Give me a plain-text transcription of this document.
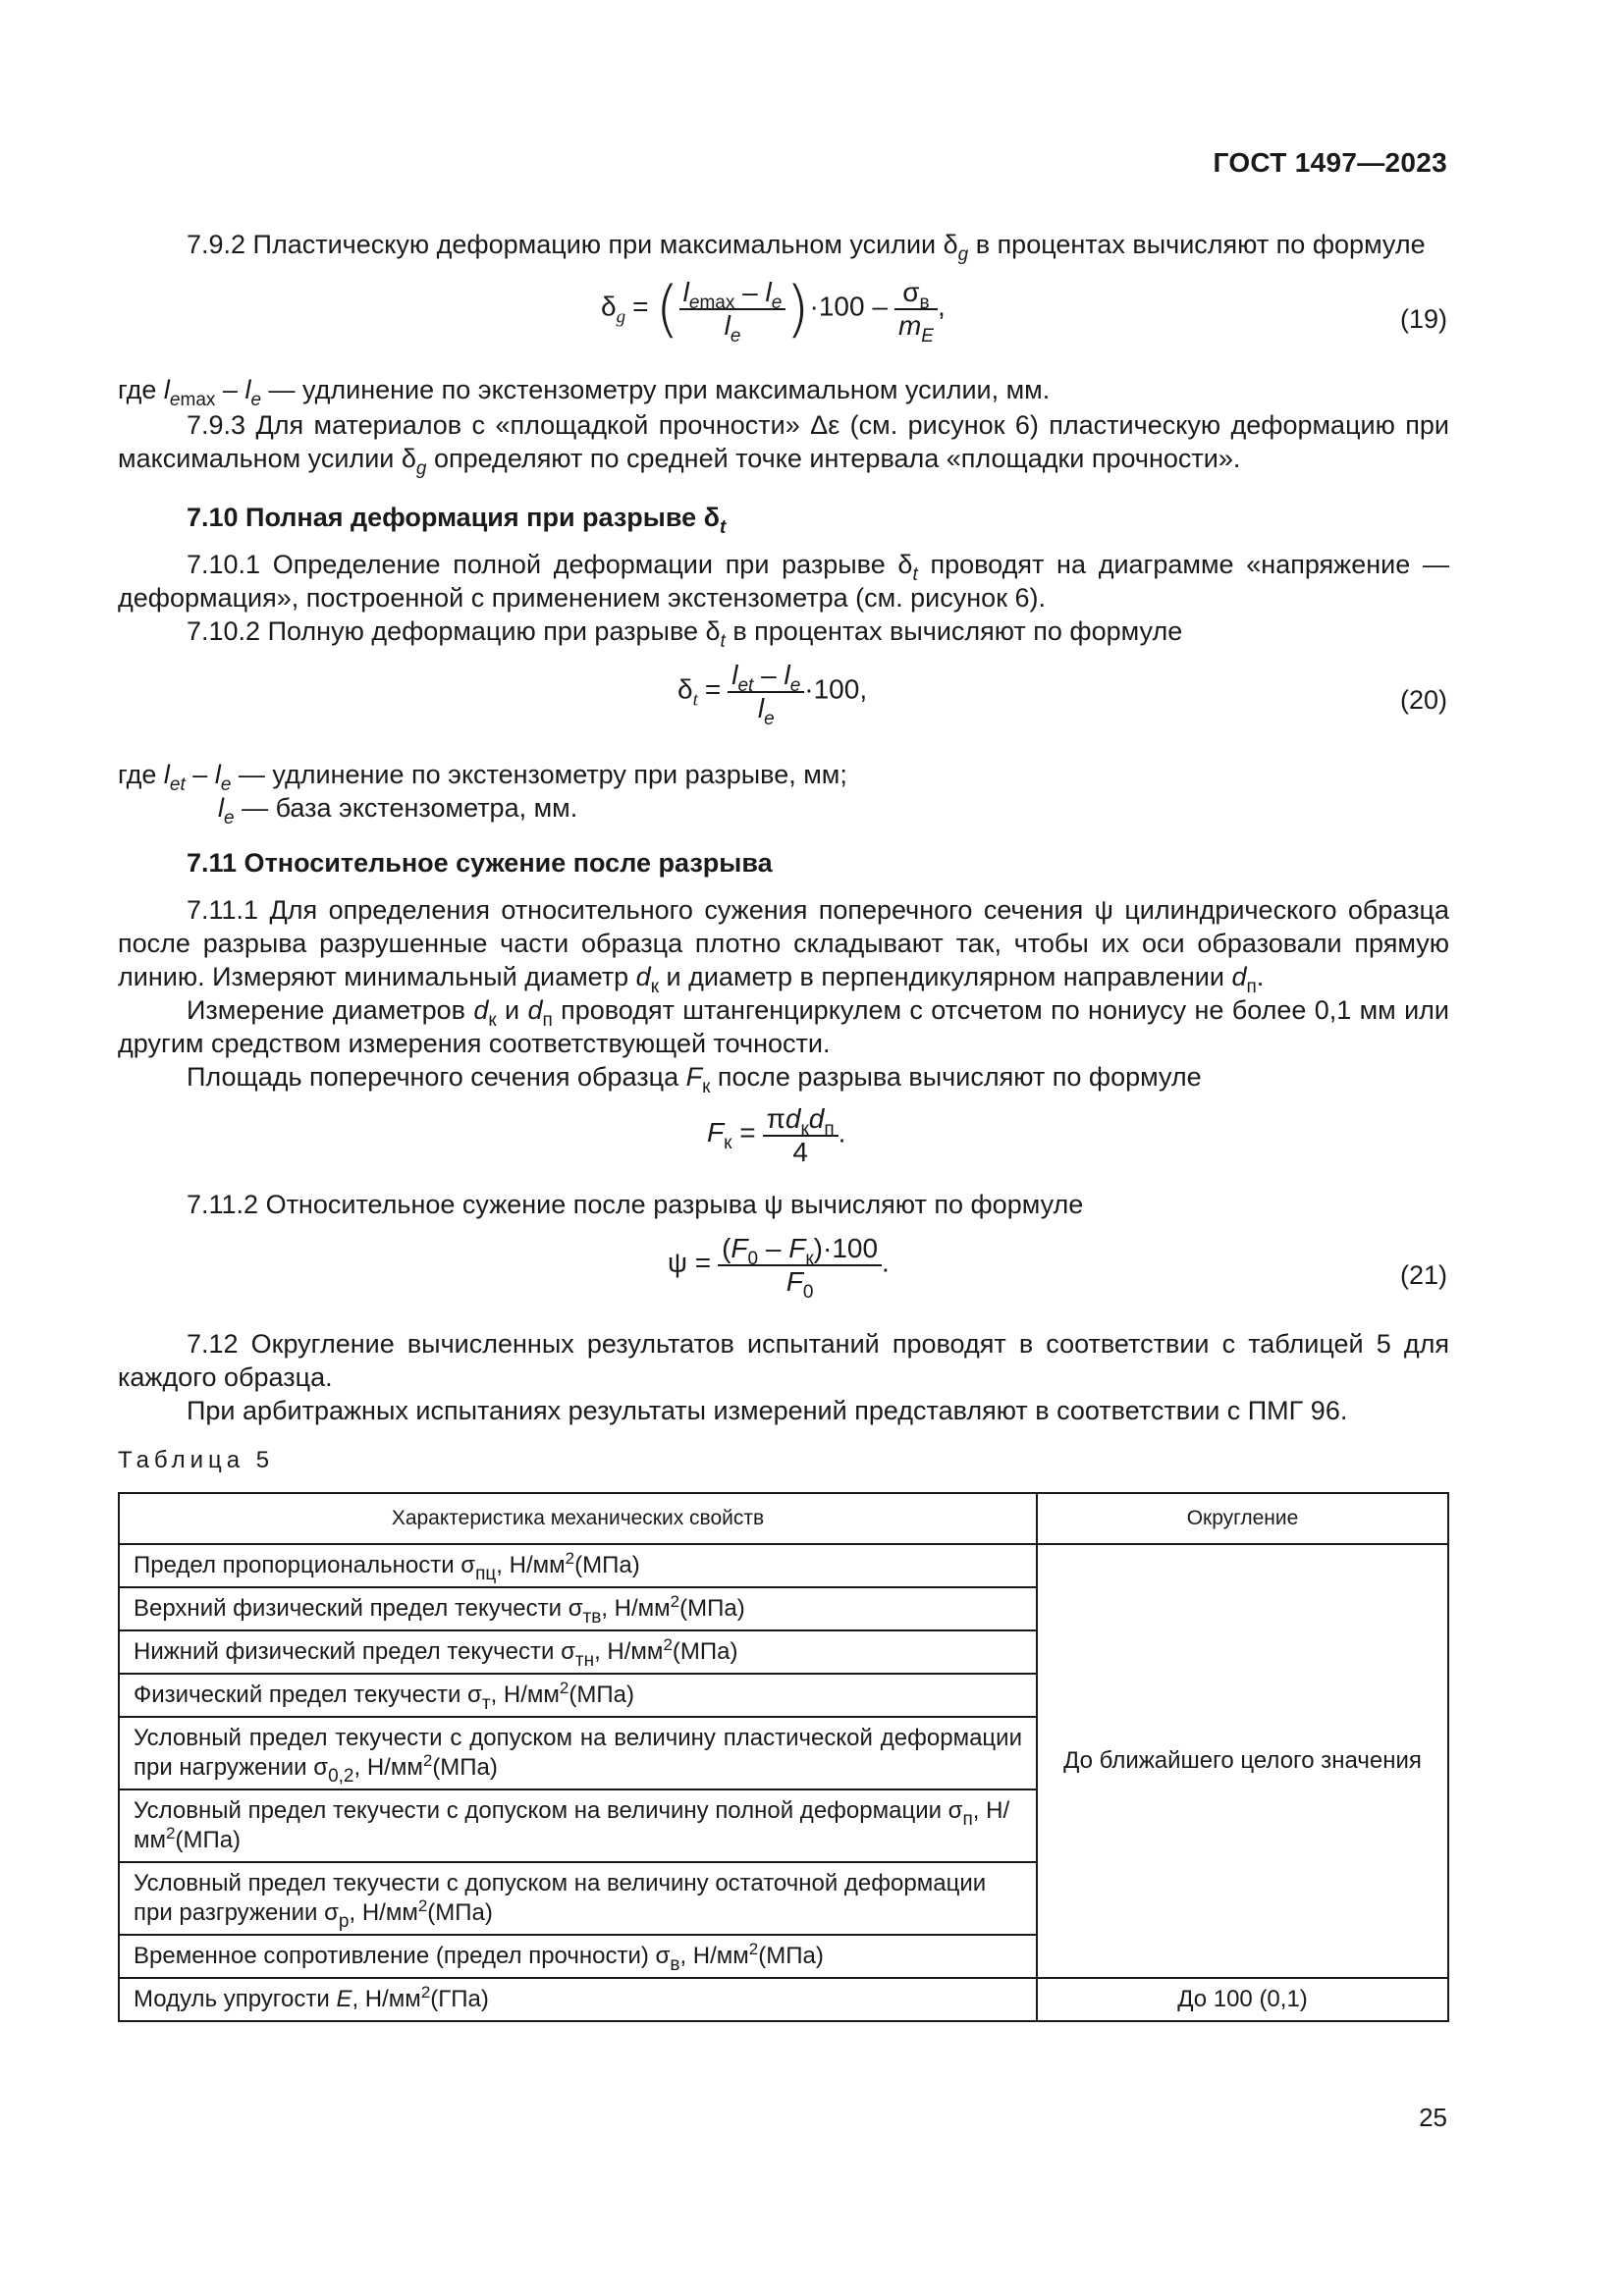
ГОСТ 1497—2023
7.9.2 Пластическую деформацию при максимальном усилии $\delta_g$ в процентах вычисляют по формуле
$\delta_g$ = ( $\frac{l_{emax} - l_e}{l_e} )\cdot 100 - \frac{\sigma_в}{m_E}$ ,	(19)
где $l_{emax} - l_e$ — удлинение по экстензометру при максимальном усилии, мм.
7.9.3 Для материалов с «площадкой прочности» Δε (см. рисунок 6) пластическую деформацию при максимальном усилии $\delta_g$ определяют по средней точке интервала «площадки прочности».
7.10 Полная деформация при разрыве $\delta_t$
7.10.1 Определение полной деформации при разрыве $\delta_t$ проводят на диаграмме «напряжение — деформация», построенной с применением экстензометра (см. рисунок 6).
7.10.2 Полную деформацию при разрыве $\delta_t$ в процентах вычисляют по формуле
$\delta_t = \frac{l_{et} - l_e}{l_e} \cdot 100$,	(20)
где $l_{et} - l_e$ — удлинение по экстензометру при разрыве, мм;
$l_e$ — база экстензометра, мм.
7.11 Относительное сужение после разрыва
7.11.1 Для определения относительного сужения поперечного сечения ψ цилиндрического образца после разрыва разрушенные части образца плотно складывают так, чтобы их оси образовали прямую линию. Измеряют минимальный диаметр $d_к$ и диаметр в перпендикулярном направлении $d_п$.
Измерение диаметров $d_к$ и $d_п$ проводят штангенциркулем с отсчетом по нониусу не более 0,1 мм или другим средством измерения соответствующей точности.
Площадь поперечного сечения образца $F_к$ после разрыва вычисляют по формуле
$F_к = \frac{\pi d_кd_п}{4}$ .
7.11.2 Относительное сужение после разрыва ψ вычисляют по формуле
$\psi = \frac{(F_0 - F_к)\cdot 100}{F_0}$ .	(21)
7.12 Округление вычисленных результатов испытаний проводят в соответствии с таблицей 5 для каждого образца.
При арбитражных испытаниях результаты измерений представляют в соответствии с ПМГ 96.
Таблица 5
Характеристика механических свойств	Округление
Предел пропорциональности $\sigma_{пц}$, $Н/мм^2(МПа)$	До ближайшего целого значения
Верхний физический предел текучести $\sigma_{тв}$, $Н/мм^2(МПа)$	
Нижний физический предел текучести $\sigma_{тн}$, $Н/мм^2(МПа)$	
Физический предел текучести $\sigma_т$, $Н/мм^2(МПа)$	
Условный предел текучести с допуском на величину пластической деформации при нагружении $\sigma_{0,2}$, $Н/мм^2(МПа)$	
Условный предел текучести с допуском на величину полной деформации $\sigma_п$, $Н/мм^2(МПа)$	
Условный предел текучести с допуском на величину остаточной деформации при разгружении $\sigma_р$, $Н/мм^2(МПа)$	
Временное сопротивление (предел прочности) $\sigma_в$, $Н/мм^2(МПа)$	
Модуль упругости E, $Н/мм^2(ГПа)$	До 100 (0,1)
25
